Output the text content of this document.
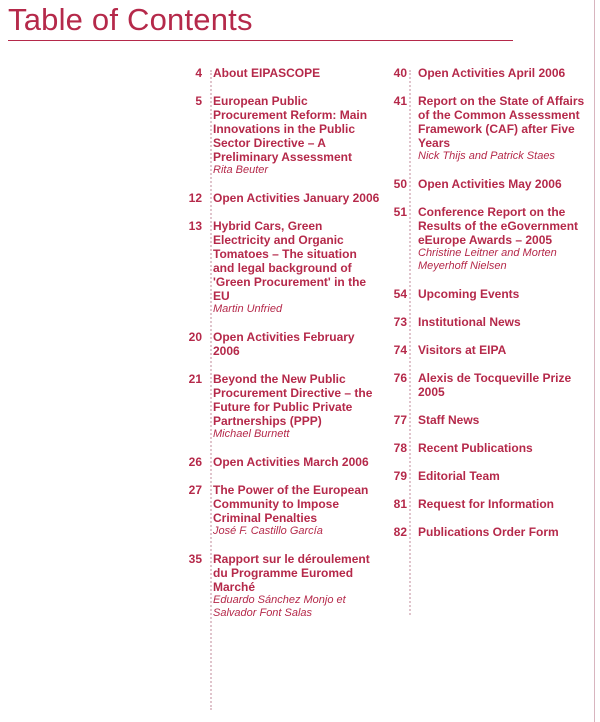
Table of Contents
4 About EIPASCOPE
5 European Public Procurement Reform: Main Innovations in the Public Sector Directive – A Preliminary Assessment
Rita Beuter
12 Open Activities January 2006
13 Hybrid Cars, Green Electricity and Organic Tomatoes – The situation and legal background of 'Green Procurement' in the EU
Martin Unfried
20 Open Activities February 2006
21 Beyond the New Public Procurement Directive – the Future for Public Private Partnerships (PPP)
Michael Burnett
26 Open Activities March 2006
27 The Power of the European Community to Impose Criminal Penalties
José F. Castillo García
35 Rapport sur le déroulement du Programme Euromed Marché
Eduardo Sánchez Monjo et Salvador Font Salas
40 Open Activities April 2006
41 Report on the State of Affairs of the Common Assessment Framework (CAF) after Five Years
Nick Thijs and Patrick Staes
50 Open Activities May 2006
51 Conference Report on the Results of the eGovernment eEurope Awards – 2005
Christine Leitner and Morten Meyerhoff Nielsen
54 Upcoming Events
73 Institutional News
74 Visitors at EIPA
76 Alexis de Tocqueville Prize 2005
77 Staff News
78 Recent Publications
79 Editorial Team
81 Request for Information
82 Publications Order Form
